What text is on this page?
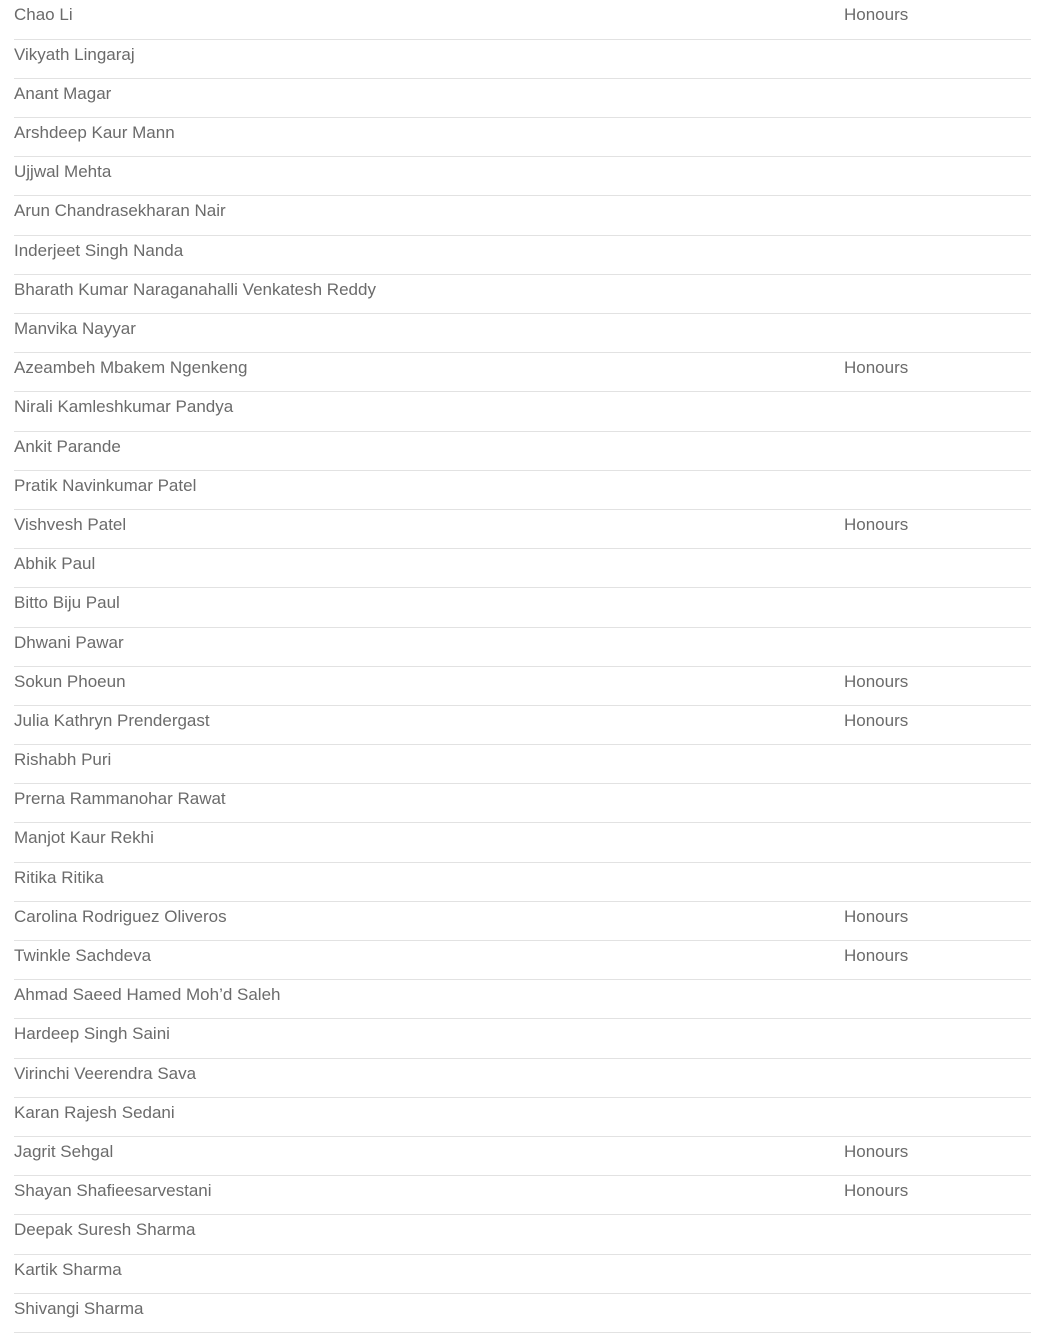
Chao Li	Honours
Vikyath Lingaraj	
Anant Magar	
Arshdeep Kaur Mann	
Ujjwal Mehta	
Arun Chandrasekharan Nair	
Inderjeet Singh Nanda	
Bharath Kumar Naraganahalli Venkatesh Reddy	
Manvika Nayyar	
Azeambeh Mbakem Ngenkeng	Honours
Nirali Kamleshkumar Pandya	
Ankit Parande	
Pratik Navinkumar Patel	
Vishvesh Patel	Honours
Abhik Paul	
Bitto Biju Paul	
Dhwani Pawar	
Sokun Phoeun	Honours
Julia Kathryn Prendergast	Honours
Rishabh Puri	
Prerna Rammanohar Rawat	
Manjot Kaur Rekhi	
Ritika Ritika	
Carolina Rodriguez Oliveros	Honours
Twinkle Sachdeva	Honours
Ahmad Saeed Hamed Moh’d Saleh	
Hardeep Singh Saini	
Virinchi Veerendra Sava	
Karan Rajesh Sedani	
Jagrit Sehgal	Honours
Shayan Shafieesarvestani	Honours
Deepak Suresh Sharma	
Kartik Sharma	
Shivangi Sharma	
